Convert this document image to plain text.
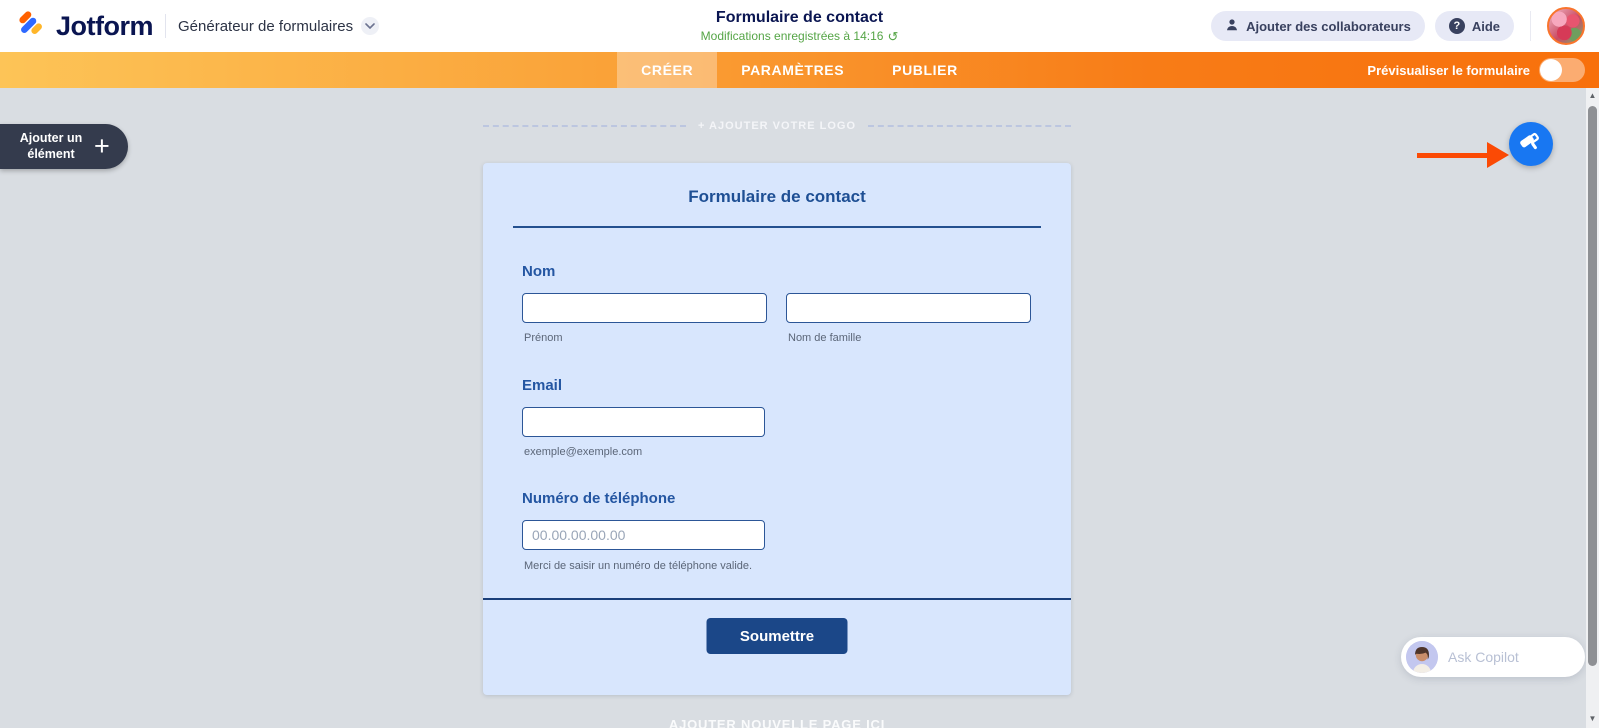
Jotform Générateur de formulaires	Formulaire de contact
Modifications enregistrées à 14:16 ↺
Ajouter des collaborateurs	? Aide
CRÉER	PARAMÈTRES	PUBLIER	Prévisualiser le formulaire
Ajouter un élément +
+ AJOUTER VOTRE LOGO
Formulaire de contact
Nom
Prénom	Nom de famille
Email
exemple@exemple.com
Numéro de téléphone
00.00.00.00.00
Merci de saisir un numéro de téléphone valide.
Soumettre
AJOUTER NOUVELLE PAGE ICI
Ask Copilot
▲
▼
